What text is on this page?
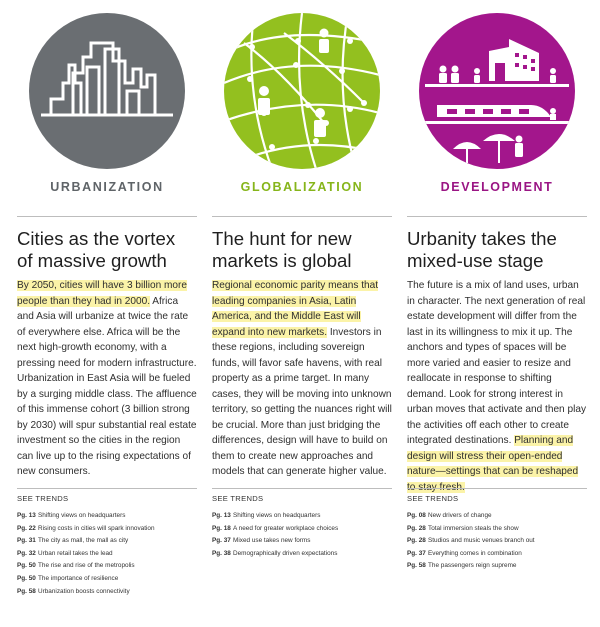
URBANIZATION
Cities as the vortex
of massive growth

By 2050, cities will have 3 billion more people than they had in 2000. Africa and Asia will urbanize at twice the rate of everywhere else. Africa will be the next high-growth economy, with a pressing need for modern infrastructure. Urbanization in East Asia will be fueled by a surging middle class. The affluence of this immense cohort (3 billion strong by 2030) will spur substantial real estate investment so the cities in the region can live up to the rising expectations of new consumers.

SEE TRENDS
Pg. 13 Shifting views on headquarters
Pg. 22 Rising costs in cities will spark innovation
Pg. 31 The city as mall, the mall as city
Pg. 32 Urban retail takes the lead
Pg. 50 The rise and rise of the metropolis
Pg. 50 The importance of resilience
Pg. 58 Urbanization boosts connectivity
GLOBALIZATION
The hunt for new
markets is global

Regional economic parity means that leading companies in Asia, Latin America, and the Middle East will expand into new markets. Investors in these regions, including sovereign funds, will favor safe havens, with real property as a prime target. In many cases, they will be moving into unknown territory, so getting the nuances right will be crucial. More than just bridging the differences, design will have to build on them to create new approaches and models that can generate higher value.

SEE TRENDS
Pg. 13 Shifting views on headquarters
Pg. 18 A need for greater workplace choices
Pg. 37 Mixed use takes new forms
Pg. 38 Demographically driven expectations
DEVELOPMENT
Urbanity takes the
mixed-use stage

The future is a mix of land uses, urban in character. The next generation of real estate development will differ from the last in its willingness to mix it up. The anchors and types of spaces will be more varied and easier to resize and reallocate in response to shifting demand. Look for strong interest in urban moves that activate and then play the activities off each other to create integrated destinations. Planning and design will stress their open-ended nature—settings that can be reshaped to stay fresh.

SEE TRENDS
Pg. 08 New drivers of change
Pg. 28 Total immersion steals the show
Pg. 28 Studios and music venues branch out
Pg. 37 Everything comes in combination
Pg. 58 The passengers reign supreme
